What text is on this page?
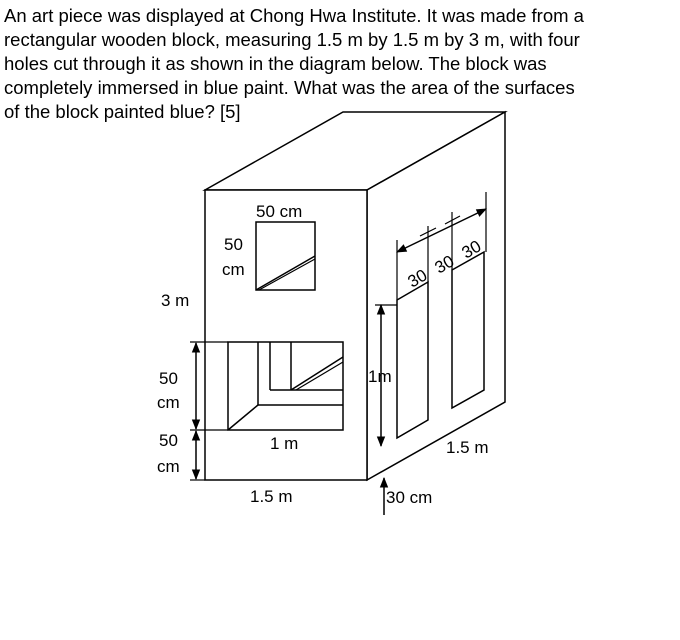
An art piece was displayed at Chong Hwa Institute. It was made from a
rectangular wooden block, measuring 1.5 m by 1.5 m by 3 m, with four
holes cut through it as shown in the diagram below. The block was
completely immersed in blue paint. What was the area of the surfaces
of the block painted blue? [5]
30
30
30
1m
50 cm
50
cm
3 m
50
cm
50
cm
1 m
1.5 m
1.5 m
30 cm
